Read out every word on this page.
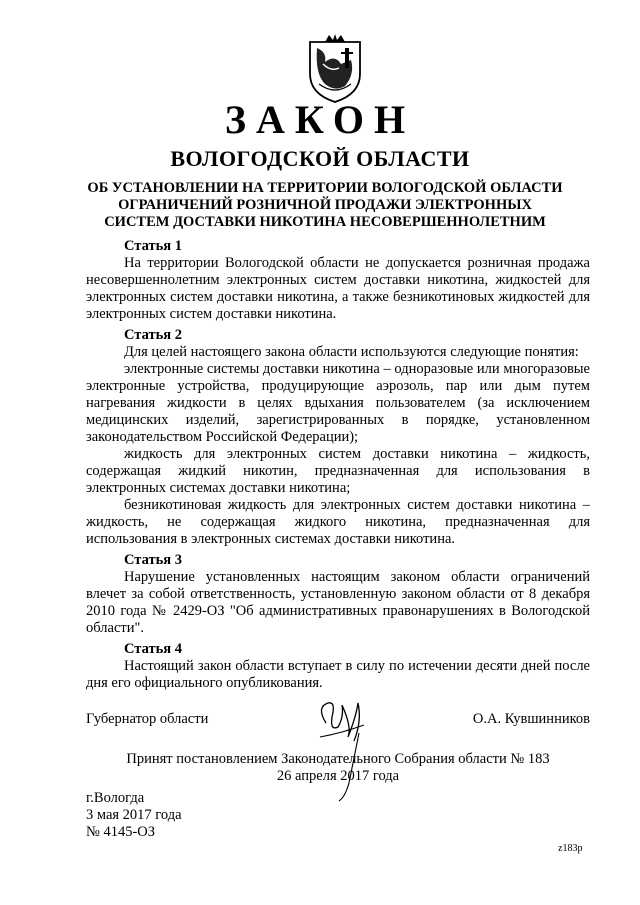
ЗАКОН
ВОЛОГОДСКОЙ ОБЛАСТИ
ОБ УСТАНОВЛЕНИИ НА ТЕРРИТОРИИ ВОЛОГОДСКОЙ ОБЛАСТИ
ОГРАНИЧЕНИЙ РОЗНИЧНОЙ ПРОДАЖИ ЭЛЕКТРОННЫХ
СИСТЕМ ДОСТАВКИ НИКОТИНА НЕСОВЕРШЕННОЛЕТНИМ

Статья 1

На территории Вологодской области не допускается розничная продажа несовершеннолетним электронных систем доставки никотина, жидкостей для электронных систем доставки никотина, а также безникотиновых жидкостей для электронных систем доставки никотина.

Статья 2

Для целей настоящего закона области используются следующие понятия:

электронные системы доставки никотина – одноразовые или многоразовые электронные устройства, продуцирующие аэрозоль, пар или дым путем нагревания жидкости в целях вдыхания пользователем (за исключением медицинских изделий, зарегистрированных в порядке, установленном законодательством Российской Федерации);

жидкость для электронных систем доставки никотина – жидкость, содержащая жидкий никотин, предназначенная для использования в электронных системах доставки никотина;

безникотиновая жидкость для электронных систем доставки никотина – жидкость, не содержащая жидкого никотина, предназначенная для использования в электронных системах доставки никотина.

Статья 3

Нарушение установленных настоящим законом области ограничений влечет за собой ответственность, установленную законом области от 8 декабря 2010 года № 2429-ОЗ "Об административных правонарушениях в Вологодской области".

Статья 4

Настоящий закон области вступает в силу по истечении десяти дней после дня его официального опубликования.

Губернатор области	О.А. Кувшинников
Принят постановлением Законодательного Собрания области № 183
26 апреля 2017 года
г.Вологда
3 мая 2017 года
№ 4145-ОЗ
z183p
